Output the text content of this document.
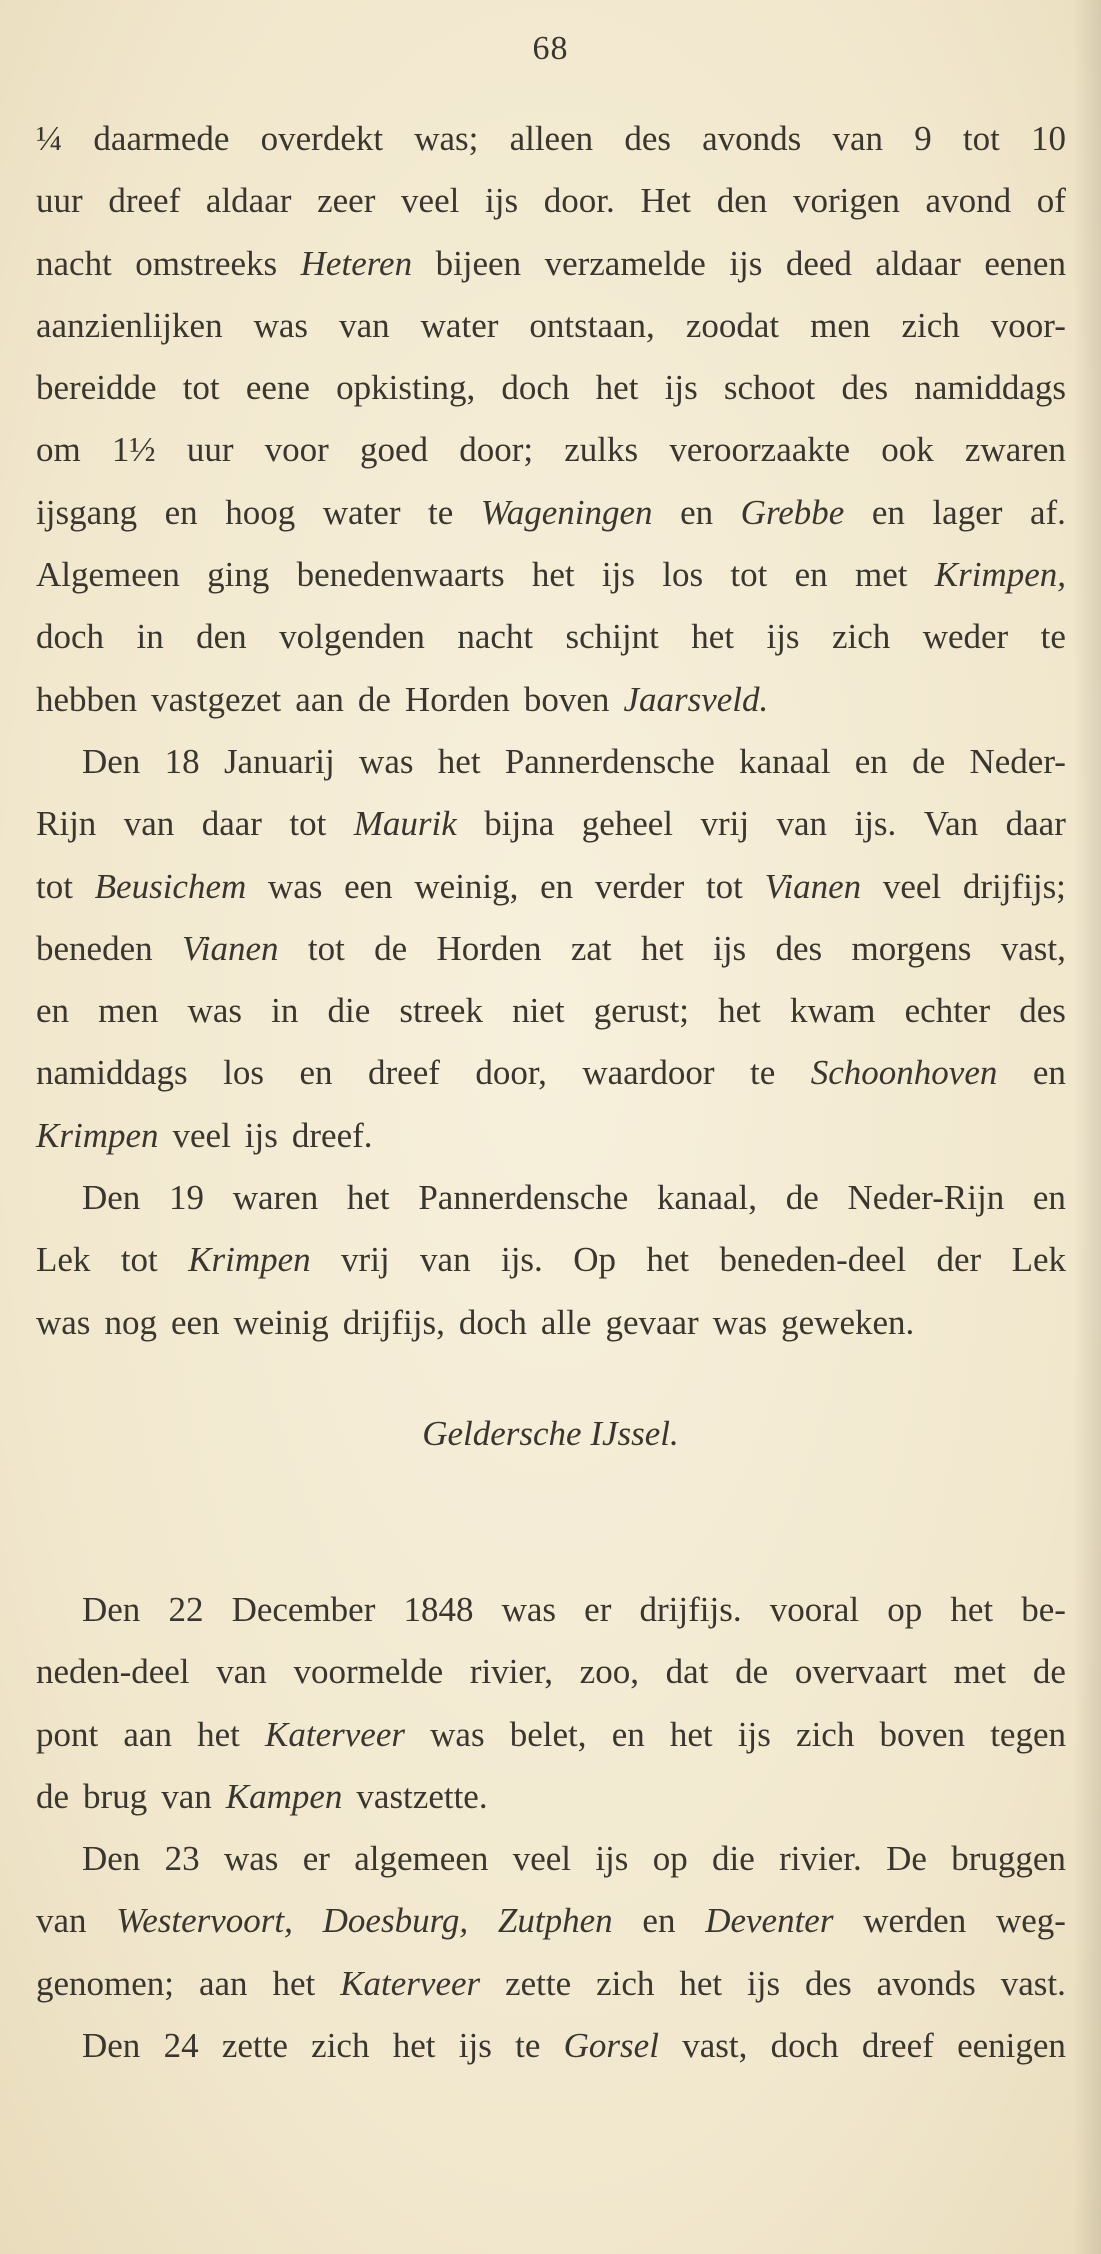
68
¼ daarmede overdekt was; alleen des avonds van 9 tot 10
uur dreef aldaar zeer veel ijs door. Het den vorigen avond of
nacht omstreeks Heteren bijeen verzamelde ijs deed aldaar eenen
aanzienlijken was van water ontstaan, zoodat men zich voor-
bereidde tot eene opkisting, doch het ijs schoot des namiddags
om 1½ uur voor goed door; zulks veroorzaakte ook zwaren
ijsgang en hoog water te Wageningen en Grebbe en lager af.
Algemeen ging benedenwaarts het ijs los tot en met Krimpen,
doch in den volgenden nacht schijnt het ijs zich weder te
hebben vastgezet aan de Horden boven Jaarsveld.
Den 18 Januarij was het Pannerdensche kanaal en de Neder-
Rijn van daar tot Maurik bijna geheel vrij van ijs. Van daar
tot Beusichem was een weinig, en verder tot Vianen veel drijfijs;
beneden Vianen tot de Horden zat het ijs des morgens vast,
en men was in die streek niet gerust; het kwam echter des
namiddags los en dreef door, waardoor te Schoonhoven en
Krimpen veel ijs dreef.
Den 19 waren het Pannerdensche kanaal, de Neder-Rijn en
Lek tot Krimpen vrij van ijs. Op het beneden-deel der Lek
was nog een weinig drijfijs, doch alle gevaar was geweken.
Geldersche IJssel.
Den 22 December 1848 was er drijfijs. vooral op het be-
neden-deel van voormelde rivier, zoo, dat de overvaart met de
pont aan het Katerveer was belet, en het ijs zich boven tegen
de brug van Kampen vastzette.
Den 23 was er algemeen veel ijs op die rivier. De bruggen
van Westervoort, Doesburg, Zutphen en Deventer werden weg-
genomen; aan het Katerveer zette zich het ijs des avonds vast.
Den 24 zette zich het ijs te Gorsel vast, doch dreef eenigen
